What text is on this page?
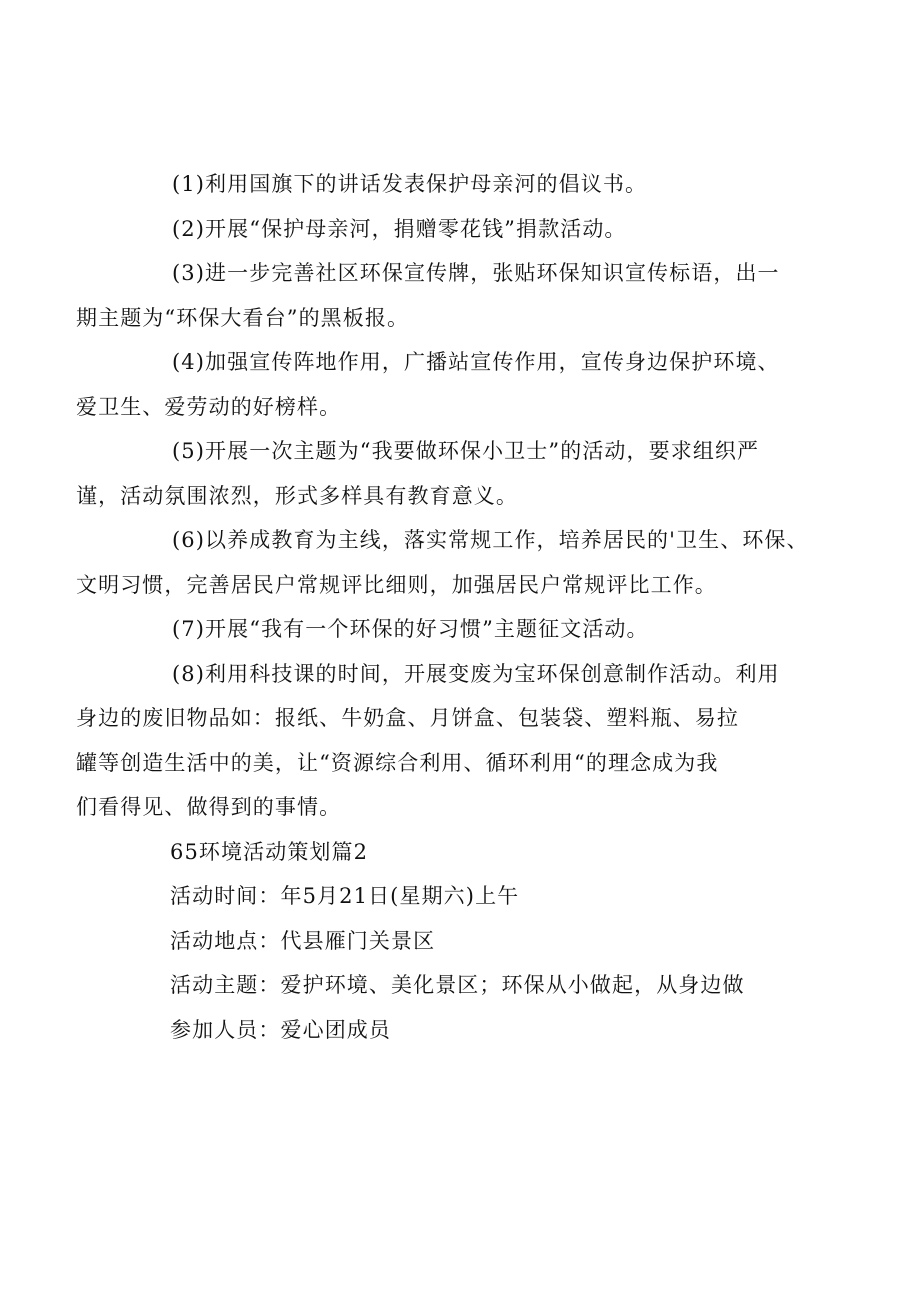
(1)利用国旗下的讲话发表保护母亲河的倡议书。

(2)开展“保护母亲河，捐赠零花钱”捐款活动。

(3)进一步完善社区环保宣传牌，张贴环保知识宣传标语，出一
期主题为“环保大看台”的黑板报。

(4)加强宣传阵地作用，广播站宣传作用，宣传身边保护环境、
爱卫生、爱劳动的好榜样。

(5)开展一次主题为“我要做环保小卫士”的活动，要求组织严
谨，活动氛围浓烈，形式多样具有教育意义。

(6)以养成教育为主线，落实常规工作，培养居民的'卫生、环保、
文明习惯，完善居民户常规评比细则，加强居民户常规评比工作。

(7)开展“我有一个环保的好习惯”主题征文活动。

(8)利用科技课的时间，开展变废为宝环保创意制作活动。利用
身边的废旧物品如：报纸、牛奶盒、月饼盒、包装袋、塑料瓶、易拉
罐等创造生活中的美，让“资源综合利用、循环利用“的理念成为我
们看得见、做得到的事情。

65环境活动策划篇2

活动时间：年5月21日(星期六)上午

活动地点：代县雁门关景区

活动主题：爱护环境、美化景区；环保从小做起，从身边做

参加人员：爱心团成员
